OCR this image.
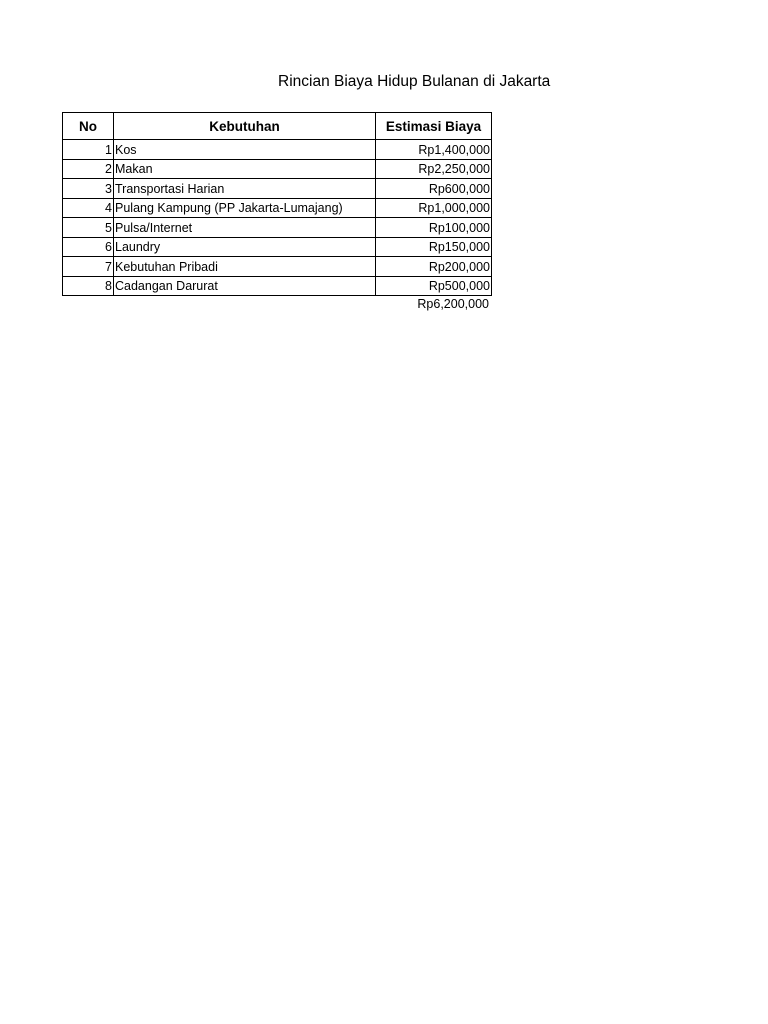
Rincian Biaya Hidup Bulanan di Jakarta
No	Kebutuhan	Estimasi Biaya
1	Kos	Rp1,400,000
2	Makan	Rp2,250,000
3	Transportasi Harian	Rp600,000
4	Pulang Kampung (PP Jakarta-Lumajang)	Rp1,000,000
5	Pulsa/Internet	Rp100,000
6	Laundry	Rp150,000
7	Kebutuhan Pribadi	Rp200,000
8	Cadangan Darurat	Rp500,000
Rp6,200,000
